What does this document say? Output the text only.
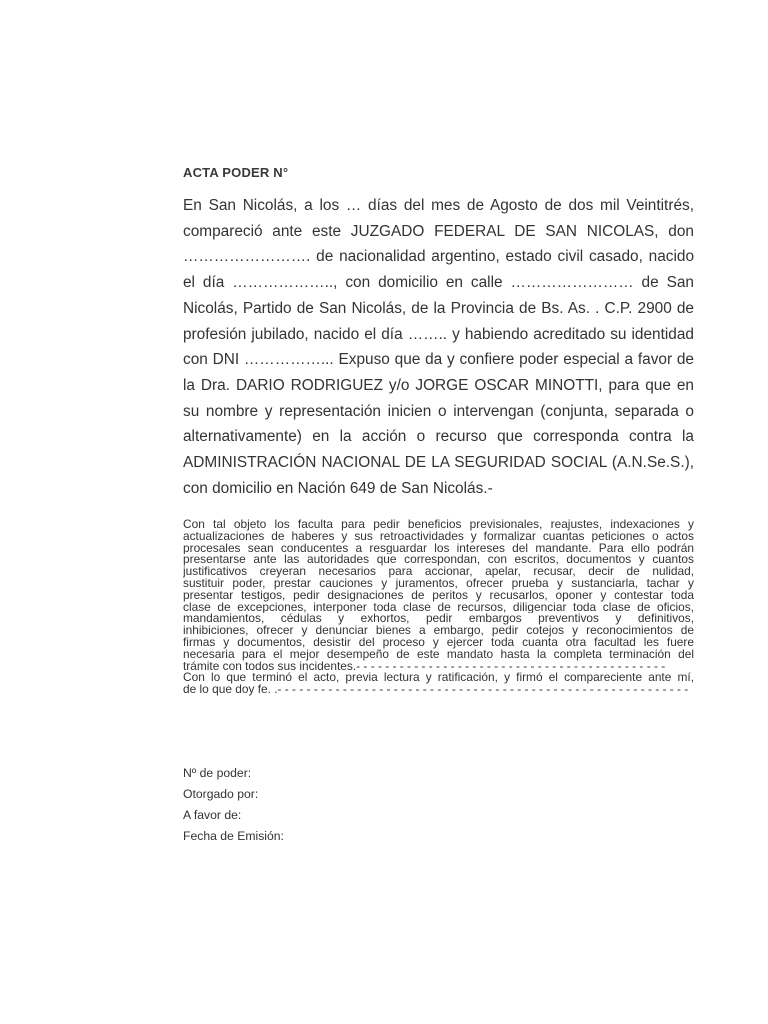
ACTA PODER N°

En San Nicolás, a los … días del mes de Agosto de dos mil Veintitrés,
compareció ante este JUZGADO FEDERAL DE SAN NICOLAS, don
……………………. de nacionalidad argentino, estado civil casado, nacido
el día ……………….., con domicilio en calle …………………… de San
Nicolás, Partido de San Nicolás, de la Provincia de Bs. As. . C.P. 2900 de
profesión jubilado, nacido el día …….. y habiendo acreditado su identidad
con DNI ……………... Expuso que da y confiere poder especial a favor de
la Dra. DARIO RODRIGUEZ y/o JORGE OSCAR MINOTTI, para que en
su nombre y representación inicien o intervengan (conjunta, separada o
alternativamente) en la acción o recurso que corresponda contra la
ADMINISTRACIÓN NACIONAL DE LA SEGURIDAD SOCIAL (A.N.Se.S.),
con domicilio en Nación 649 de San Nicolás.-

Con tal objeto los faculta para pedir beneficios previsionales, reajustes, indexaciones y
actualizaciones de haberes y sus retroactividades y formalizar cuantas peticiones o actos
procesales sean conducentes a resguardar los intereses del mandante. Para ello podrán
presentarse ante las autoridades que correspondan, con escritos, documentos y cuantos
justificativos creyeran necesarios para accionar, apelar, recusar, decir de nulidad,
sustituir poder, prestar cauciones y juramentos, ofrecer prueba y sustanciarla, tachar y
presentar testigos, pedir designaciones de peritos y recusarlos, oponer y contestar toda
clase de excepciones, interponer toda clase de recursos, diligenciar toda clase de oficios,
mandamientos, cédulas y exhortos, pedir embargos preventivos y definitivos,
inhibiciones, ofrecer y denunciar bienes a embargo, pedir cotejos y reconocimientos de
firmas y documentos, desistir del proceso y ejercer toda cuanta otra facultad les fuere
necesaria para el mejor desempeño de este mandato hasta la completa terminación del
trámite con todos sus incidentes.- - - - - - - - - - - - - - - - - - - - - - - - - - - - - - - - - - - - - - - - - - -
Con lo que terminó el acto, previa lectura y ratificación, y firmó el compareciente ante mí,
de lo que doy fe. .- - - - - - - - - - - - - - - - - - - - - - - - - - - - - - - - - - - - - - - - - - - - - - - - - - - - - - - - -

Nº de poder:
Otorgado por:
A favor de:
Fecha de Emisión:
